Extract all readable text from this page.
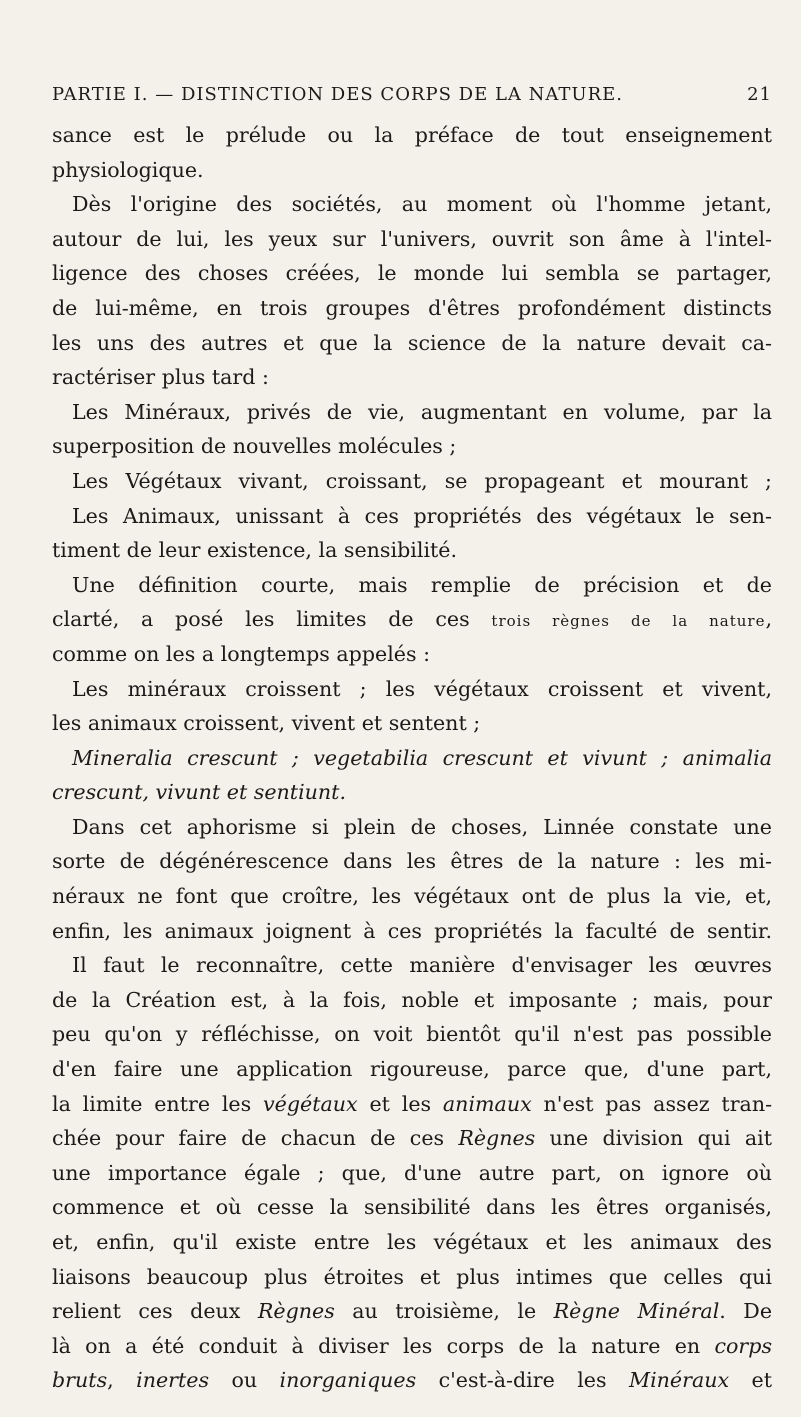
PARTIE I. — DISTINCTION DES CORPS DE LA NATURE.	21
sance est le prélude ou la préface de tout enseignement
physiologique.
Dès l'origine des sociétés, au moment où l'homme jetant,
autour de lui, les yeux sur l'univers, ouvrit son âme à l'intel-
ligence des choses créées, le monde lui sembla se partager,
de lui-même, en trois groupes d'êtres profondément distincts
les uns des autres et que la science de la nature devait ca-
ractériser plus tard :
Les Minéraux, privés de vie, augmentant en volume, par la
superposition de nouvelles molécules ;
Les Végétaux vivant, croissant, se propageant et mourant ;
Les Animaux, unissant à ces propriétés des végétaux le sen-
timent de leur existence, la sensibilité.
Une définition courte, mais remplie de précision et de
clarté, a posé les limites de ces trois règnes de la nature,
comme on les a longtemps appelés :
Les minéraux croissent ; les végétaux croissent et vivent,
les animaux croissent, vivent et sentent ;
Mineralia crescunt ; vegetabilia crescunt et vivunt ; animalia
crescunt, vivunt et sentiunt.
Dans cet aphorisme si plein de choses, Linnée constate une
sorte de dégénérescence dans les êtres de la nature : les mi-
néraux ne font que croître, les végétaux ont de plus la vie, et,
enfin, les animaux joignent à ces propriétés la faculté de sentir.
Il faut le reconnaître, cette manière d'envisager les œuvres
de la Création est, à la fois, noble et imposante ; mais, pour
peu qu'on y réfléchisse, on voit bientôt qu'il n'est pas possible
d'en faire une application rigoureuse, parce que, d'une part,
la limite entre les végétaux et les animaux n'est pas assez tran-
chée pour faire de chacun de ces Règnes une division qui ait
une importance égale ; que, d'une autre part, on ignore où
commence et où cesse la sensibilité dans les êtres organisés,
et, enfin, qu'il existe entre les végétaux et les animaux des
liaisons beaucoup plus étroites et plus intimes que celles qui
relient ces deux Règnes au troisième, le Règne Minéral. De
là on a été conduit à diviser les corps de la nature en corps
bruts, inertes ou inorganiques c'est-à-dire les Minéraux et
